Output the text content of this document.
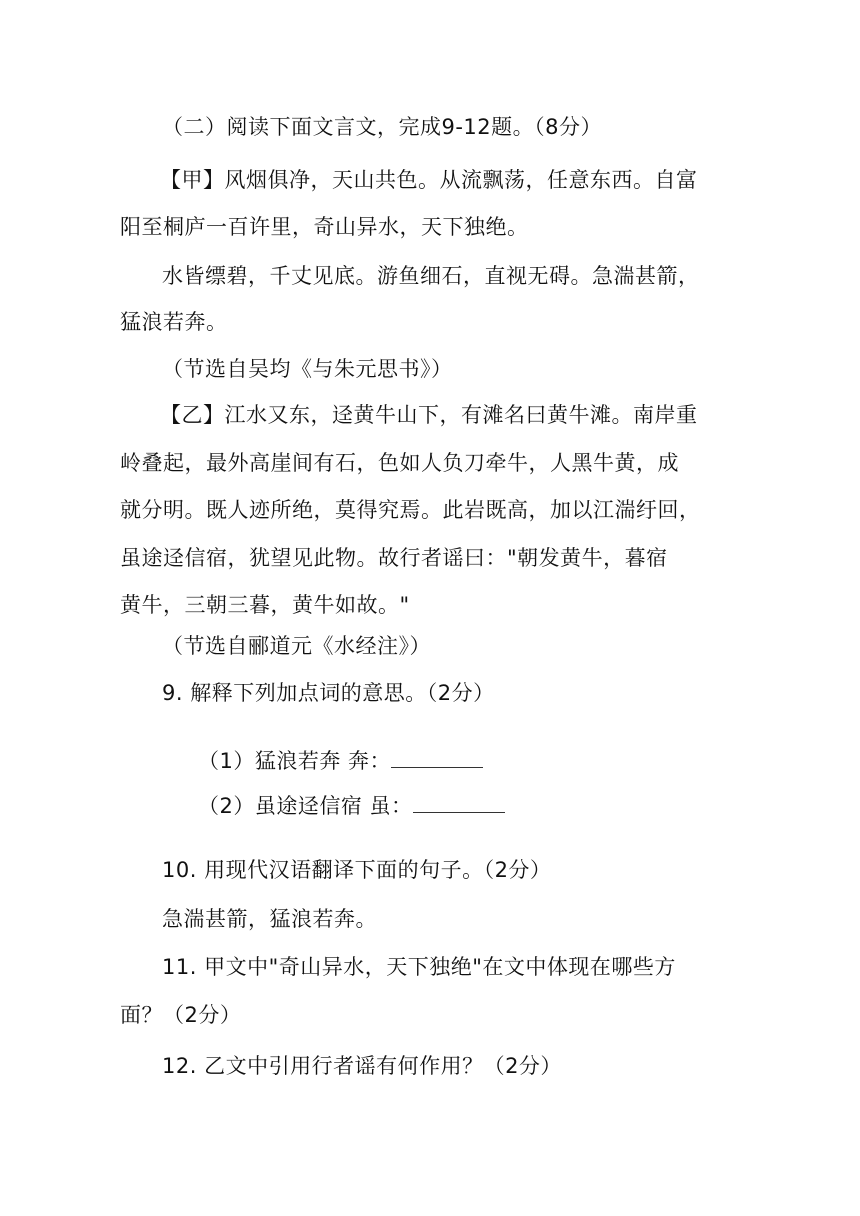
（二）阅读下面文言文，完成9-12题。（8分）
【甲】风烟俱净，天山共色。从流飘荡，任意东西。自富
阳至桐庐一百许里，奇山异水，天下独绝。
水皆缥碧，千丈见底。游鱼细石，直视无碍。急湍甚箭，
猛浪若奔。
（节选自吴均《与朱元思书》）
【乙】江水又东，迳黄牛山下，有滩名曰黄牛滩。南岸重
岭叠起，最外高崖间有石，色如人负刀牵牛，人黑牛黄，成
就分明。既人迹所绝，莫得究焉。此岩既高，加以江湍纡回，
虽途迳信宿，犹望见此物。故行者谣曰："朝发黄牛，暮宿
黄牛，三朝三暮，黄牛如故。"
（节选自郦道元《水经注》）
9. 解释下列加点词的意思。（2分）
（1）猛浪若奔 奔：
（2）虽途迳信宿 虽：
10. 用现代汉语翻译下面的句子。（2分）
急湍甚箭，猛浪若奔。
11. 甲文中"奇山异水，天下独绝"在文中体现在哪些方
面？（2分）
12. 乙文中引用行者谣有何作用？（2分）
